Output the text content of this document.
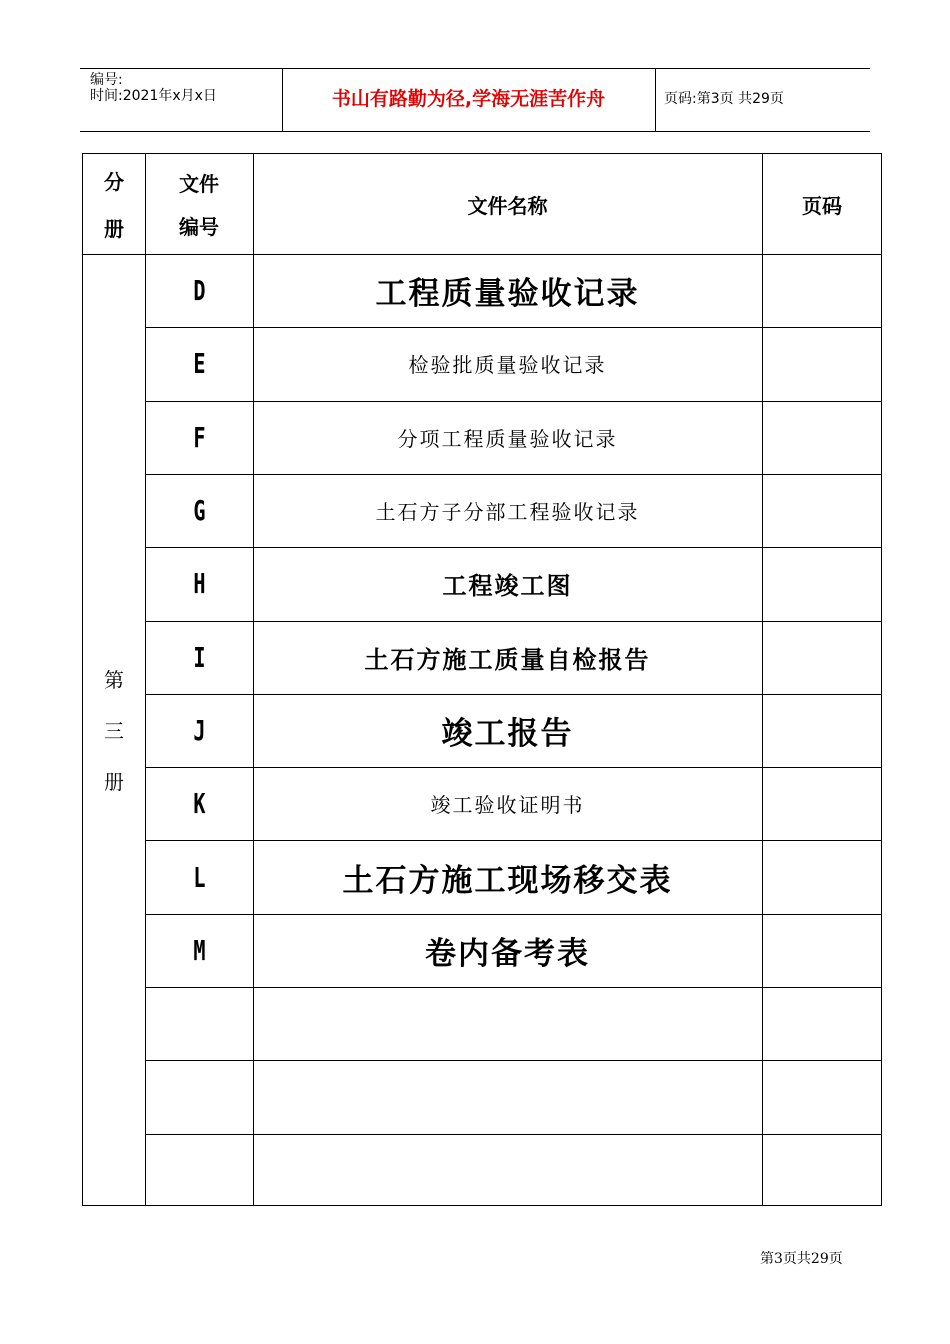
编号:
时间:2021年x月x日	书山有路勤为径,学海无涯苦作舟	页码:第3页 共29页
分
册
文件
编号
文件名称	页码
第
三
册
D	工程质量验收记录
E	检验批质量验收记录
F	分项工程质量验收记录
G	土石方子分部工程验收记录
H	工程竣工图
I	土石方施工质量自检报告
J	竣工报告
K	竣工验收证明书
L	土石方施工现场移交表
M	卷内备考表
第3页共29页
